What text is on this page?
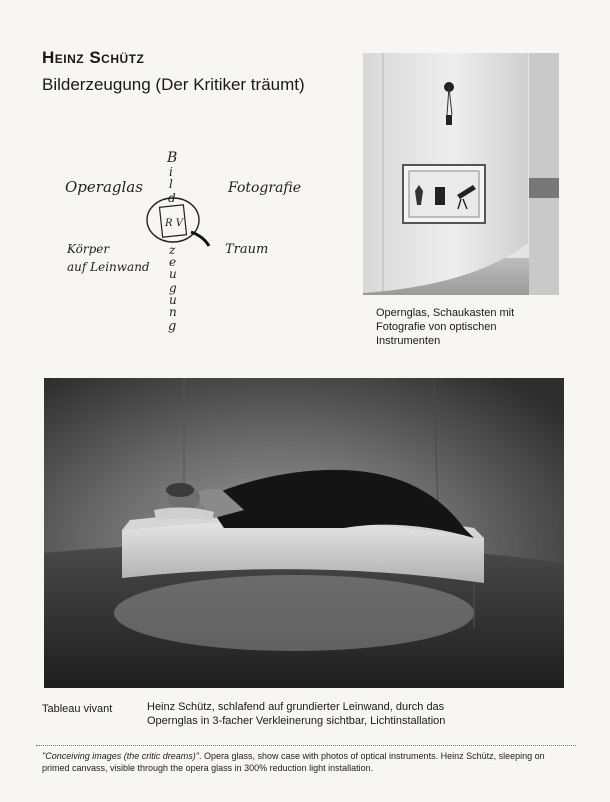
Heinz Schütz
Bilderzeugung (Der Kritiker träumt)
Operaglas	Fotografie
Körper
auf Leinwand
Traum
B
i
l
d
R V
z
e
u
g
u
n
g
Opernglas, Schaukasten mit Fotografie von optischen Instrumenten
Tableau vivant	Heinz Schütz, schlafend auf grundierter Leinwand, durch das Opernglas in 3-facher Verkleinerung sichtbar, Lichtinstallation
"Conceiving images (the critic dreams)". Opera glass, show case with photos of optical instruments. Heinz Schütz, sleeping on primed canvass, visible through the opera glass in 300% reduction light installation.
